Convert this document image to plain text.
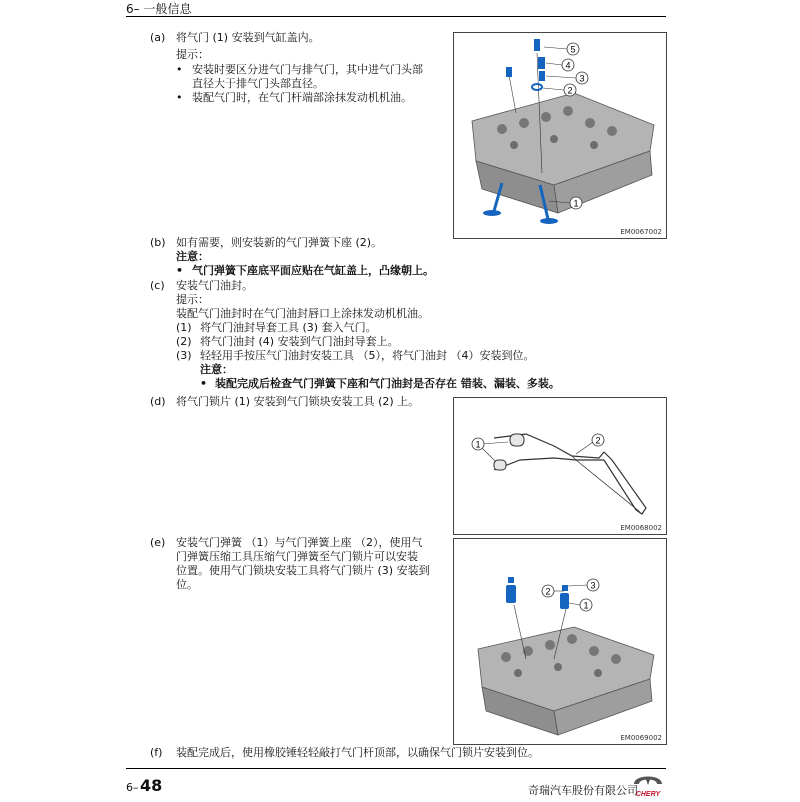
6– 一般信息
(a) 将气门 (1) 安装到气缸盖内。
提示：
• 安装时要区分进气门与排气门，其中进气门头部
直径大于排气门头部直径。
• 装配气门时，在气门杆端部涂抹发动机机油。
5
4
3
2
1
EM0067002
(b) 如有需要，则安装新的气门弹簧下座 (2)。
注意：
• 气门弹簧下座底平面应贴在气缸盖上，凸缘朝上。
(c) 安装气门油封。
提示：
装配气门油封时在气门油封唇口上涂抹发动机机油。
(1) 将气门油封导套工具 (3) 套入气门。
(2) 将气门油封 (4) 安装到气门油封导套上。
(3) 轻轻用手按压气门油封安装工具 （5），将气门油封 （4）安装到位。
注意：
• 装配完成后检查气门弹簧下座和气门油封是否存在 错装、漏装、多装。
(d) 将气门锁片 (1) 安装到气门锁块安装工具 (2) 上。
1	2
EM0068002
(e) 安装气门弹簧 （1）与气门弹簧上座 （2），使用气
门弹簧压缩工具压缩气门弹簧至气门锁片可以安装
位置。使用气门锁块安装工具将气门锁片 (3) 安装到
位。
2
3
1
EM0069002
(f) 装配完成后，使用橡胶锤轻轻敲打气门杆顶部，以确保气门锁片安装到位。
6– 48	奇瑞汽车股份有限公司
CHERY
